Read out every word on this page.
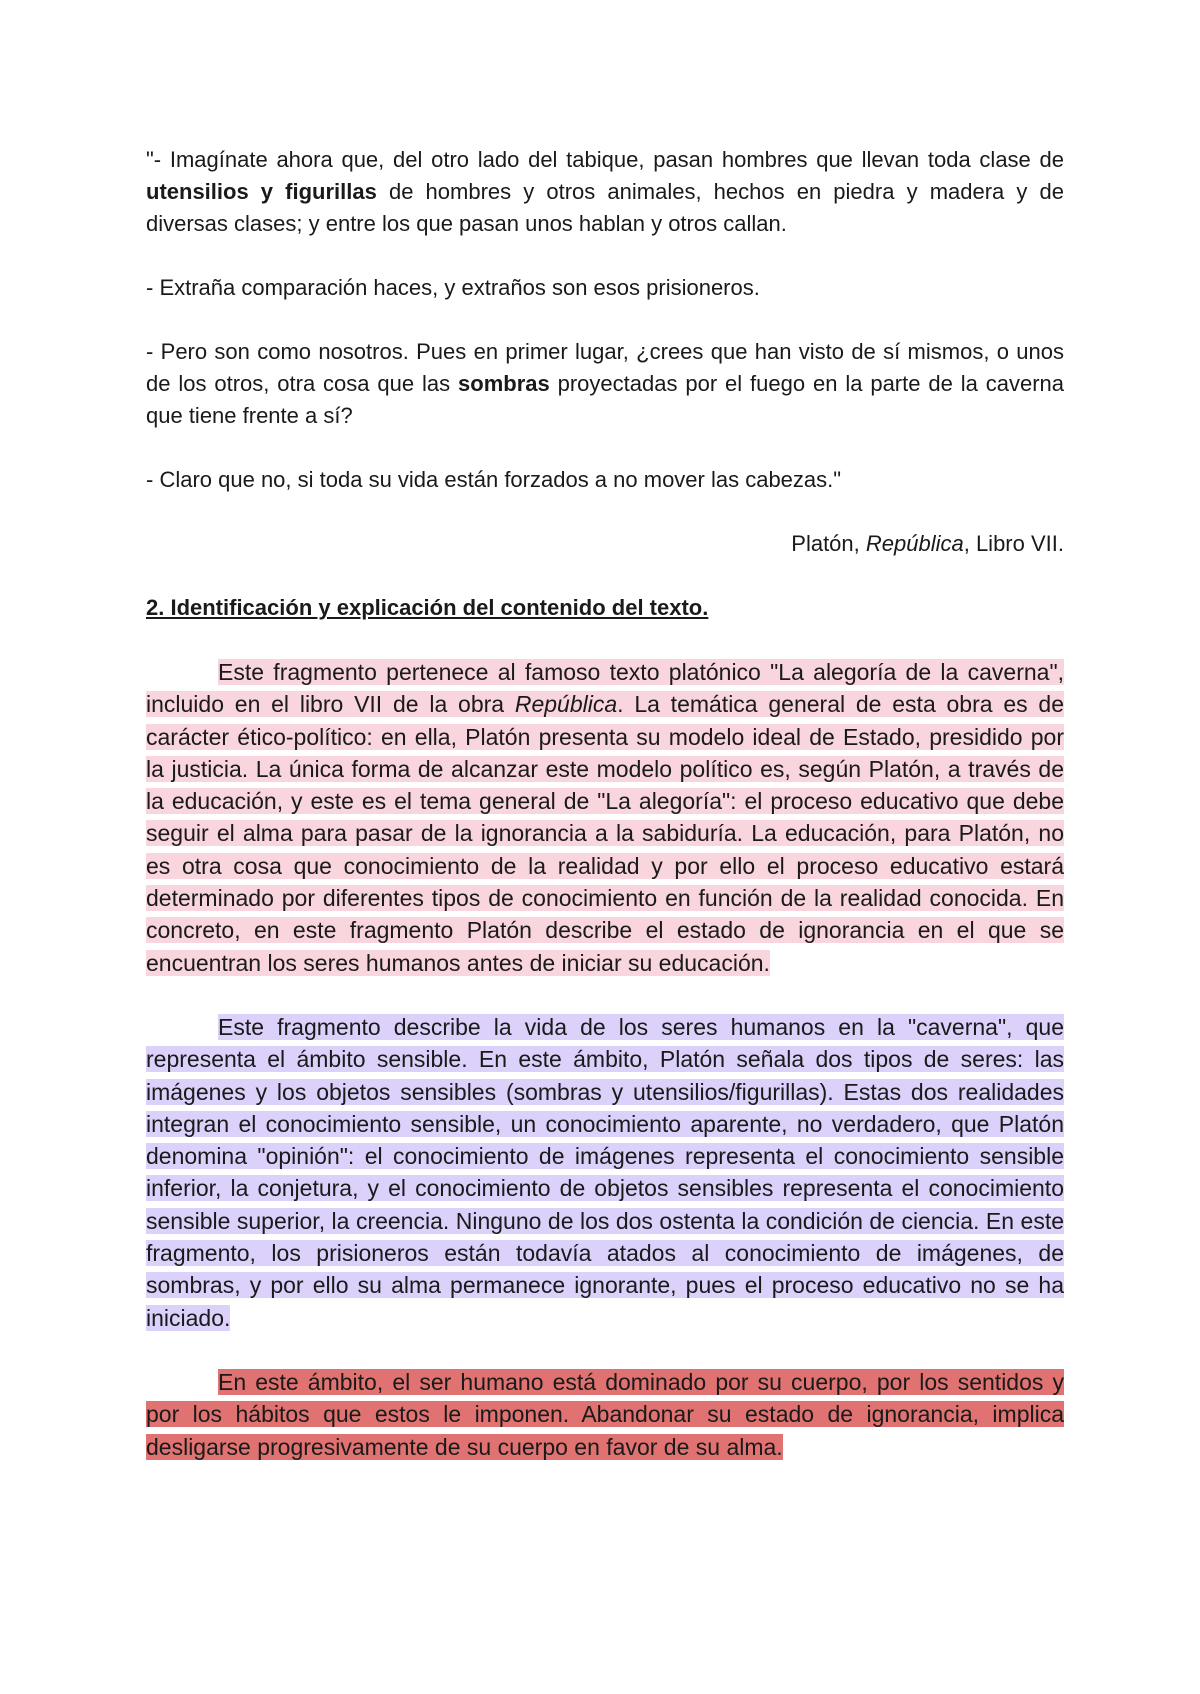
"- Imagínate ahora que, del otro lado del tabique, pasan hombres que llevan toda clase de utensilios y figurillas de hombres y otros animales, hechos en piedra y madera y de diversas clases; y entre los que pasan unos hablan y otros callan.

- Extraña comparación haces, y extraños son esos prisioneros.

- Pero son como nosotros. Pues en primer lugar, ¿crees que han visto de sí mismos, o unos de los otros, otra cosa que las sombras proyectadas por el fuego en la parte de la caverna que tiene frente a sí?

- Claro que no, si toda su vida están forzados a no mover las cabezas."

Platón, República, Libro VII.

2. Identificación y explicación del contenido del texto.

Este fragmento pertenece al famoso texto platónico "La alegoría de la caverna", incluido en el libro VII de la obra República. La temática general de esta obra es de carácter ético-político: en ella, Platón presenta su modelo ideal de Estado, presidido por la justicia. La única forma de alcanzar este modelo político es, según Platón, a través de la educación, y este es el tema general de "La alegoría": el proceso educativo que debe seguir el alma para pasar de la ignorancia a la sabiduría. La educación, para Platón, no es otra cosa que conocimiento de la realidad y por ello el proceso educativo estará determinado por diferentes tipos de conocimiento en función de la realidad conocida. En concreto, en este fragmento Platón describe el estado de ignorancia en el que se encuentran los seres humanos antes de iniciar su educación.

Este fragmento describe la vida de los seres humanos en la "caverna", que representa el ámbito sensible. En este ámbito, Platón señala dos tipos de seres: las imágenes y los objetos sensibles (sombras y utensilios/figurillas). Estas dos realidades integran el conocimiento sensible, un conocimiento aparente, no verdadero, que Platón denomina "opinión": el conocimiento de imágenes representa el conocimiento sensible inferior, la conjetura, y el conocimiento de objetos sensibles representa el conocimiento sensible superior, la creencia. Ninguno de los dos ostenta la condición de ciencia. En este fragmento, los prisioneros están todavía atados al conocimiento de imágenes, de sombras, y por ello su alma permanece ignorante, pues el proceso educativo no se ha iniciado.

En este ámbito, el ser humano está dominado por su cuerpo, por los sentidos y por los hábitos que estos le imponen. Abandonar su estado de ignorancia, implica desligarse progresivamente de su cuerpo en favor de su alma.
